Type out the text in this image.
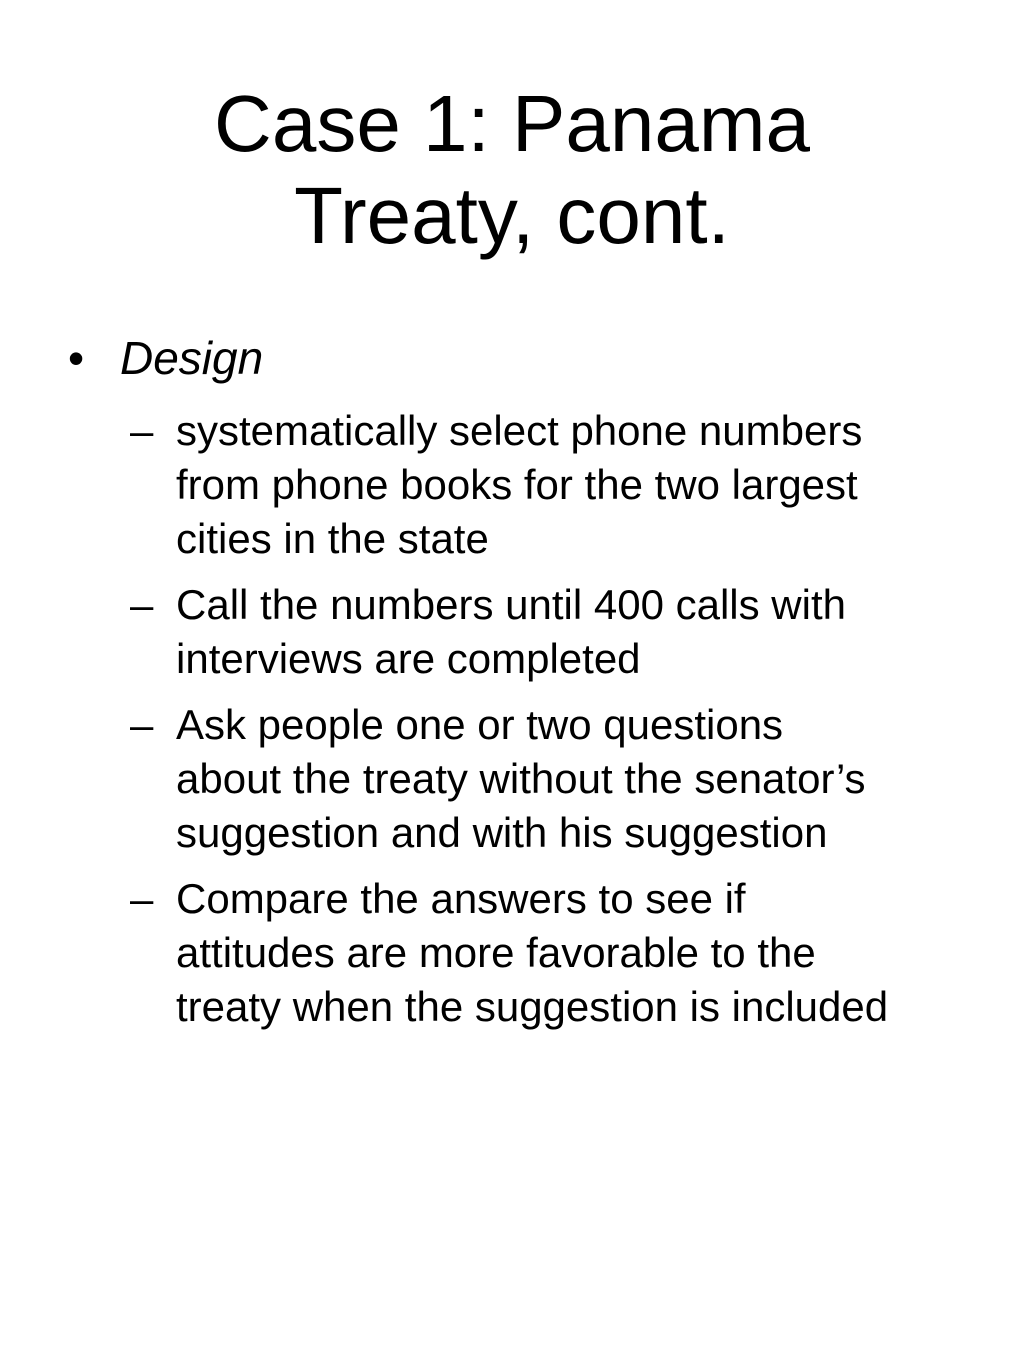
Case 1: Panama
Treaty, cont.
• Design
– systematically select phone numbers
from phone books for the two largest
cities in the state
– Call the numbers until 400 calls with
interviews are completed
– Ask people one or two questions
about the treaty without the senator’s
suggestion and with his suggestion
– Compare the answers to see if
attitudes are more favorable to the
treaty when the suggestion is included
